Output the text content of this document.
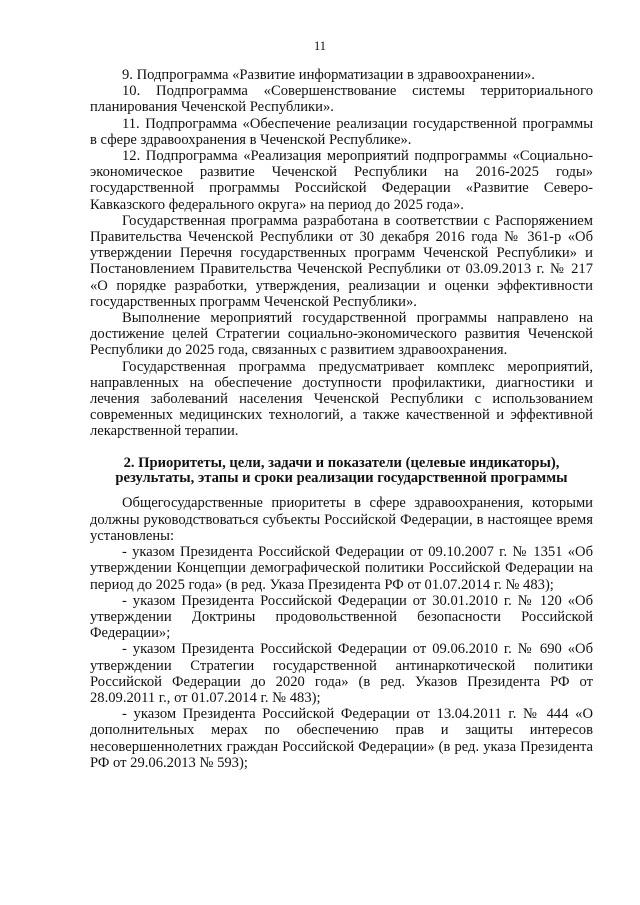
11

9. Подпрограмма «Развитие информатизации в здравоохранении».

10. Подпрограмма «Совершенствование системы территориального планирования Чеченской Республики».

11. Подпрограмма «Обеспечение реализации государственной программы в сфере здравоохранения в Чеченской Республике».

12. Подпрограмма «Реализация мероприятий подпрограммы «Социально-экономическое развитие Чеченской Республики на 2016-2025 годы» государственной программы Российской Федерации «Развитие Северо-Кавказского федерального округа» на период до 2025 года».

Государственная программа разработана в соответствии с Распоряжением Правительства Чеченской Республики от 30 декабря 2016 года № 361-р «Об утверждении Перечня государственных программ Чеченской Республики» и Постановлением Правительства Чеченской Республики от 03.09.2013 г. № 217 «О порядке разработки, утверждения, реализации и оценки эффективности государственных программ Чеченской Республики».

Выполнение мероприятий государственной программы направлено на достижение целей Стратегии социально-экономического развития Чеченской Республики до 2025 года, связанных с развитием здравоохранения.

Государственная программа предусматривает комплекс мероприятий, направленных на обеспечение доступности профилактики, диагностики и лечения заболеваний населения Чеченской Республики с использованием современных медицинских технологий, а также качественной и эффективной лекарственной терапии.

2. Приоритеты, цели, задачи и показатели (целевые индикаторы), результаты, этапы и сроки реализации государственной программы

Общегосударственные приоритеты в сфере здравоохранения, которыми должны руководствоваться субъекты Российской Федерации, в настоящее время установлены:

- указом Президента Российской Федерации от 09.10.2007 г. № 1351 «Об утверждении Концепции демографической политики Российской Федерации на период до 2025 года» (в ред. Указа Президента РФ от 01.07.2014 г. № 483);

- указом Президента Российской Федерации от 30.01.2010 г. № 120 «Об утверждении Доктрины продовольственной безопасности Российской Федерации»;

- указом Президента Российской Федерации от 09.06.2010 г. № 690 «Об утверждении Стратегии государственной антинаркотической политики Российской Федерации до 2020 года» (в ред. Указов Президента РФ от 28.09.2011 г., от 01.07.2014 г. № 483);

- указом Президента Российской Федерации от 13.04.2011 г. № 444 «О дополнительных мерах по обеспечению прав и защиты интересов несовершеннолетних граждан Российской Федерации» (в ред. указа Президента РФ от 29.06.2013 № 593);
